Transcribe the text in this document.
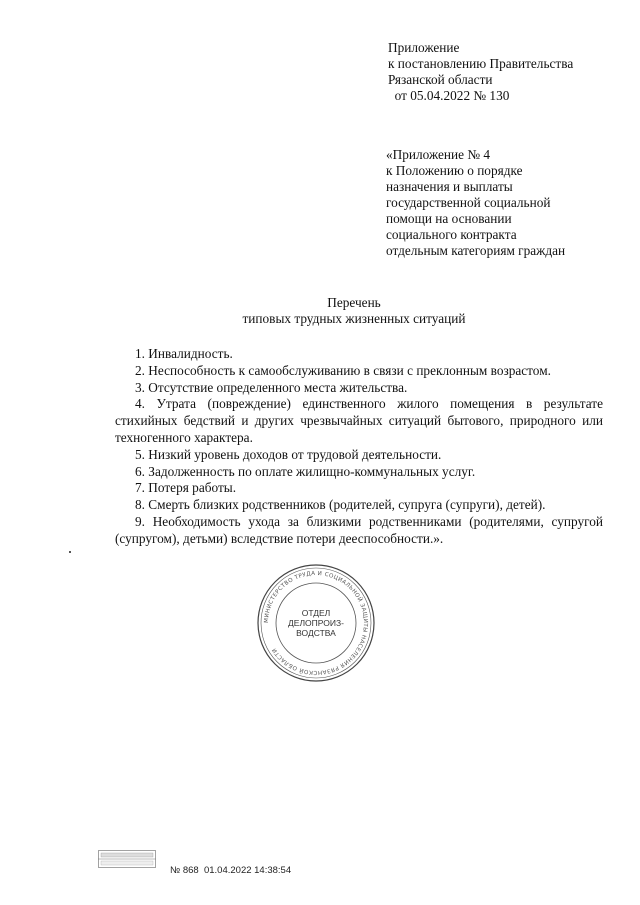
Приложение
к постановлению Правительства
Рязанской области
от 05.04.2022 № 130
«Приложение № 4
к Положению о порядке
назначения и выплаты
государственной социальной
помощи на основании
социального контракта
отдельным категориям граждан
Перечень
типовых трудных жизненных ситуаций

1. Инвалидность.

2. Неспособность к самообслуживанию в связи с преклонным возрастом.

3. Отсутствие определенного места жительства.

4. Утрата (повреждение) единственного жилого помещения в результате стихийных бедствий и других чрезвычайных ситуаций бытового, природного или техногенного характера.

5. Низкий уровень доходов от трудовой деятельности.

6. Задолженность по оплате жилищно-коммунальных услуг.

7. Потеря работы.

8. Смерть близких родственников (родителей, супруга (супруги), детей).

9. Необходимость ухода за близкими родственниками (родителями, супругой (супругом), детьми) вследствие потери дееспособности.».

МИНИСТЕРСТВО ТРУДА И СОЦИАЛЬНОЙ ЗАЩИТЫ НАСЕЛЕНИЯ РЯЗАНСКОЙ ОБЛАСТИ
ОТДЕЛ
ДЕЛОПРОИЗ-
ВОДСТВА
№ 868  01.04.2022 14:38:54
